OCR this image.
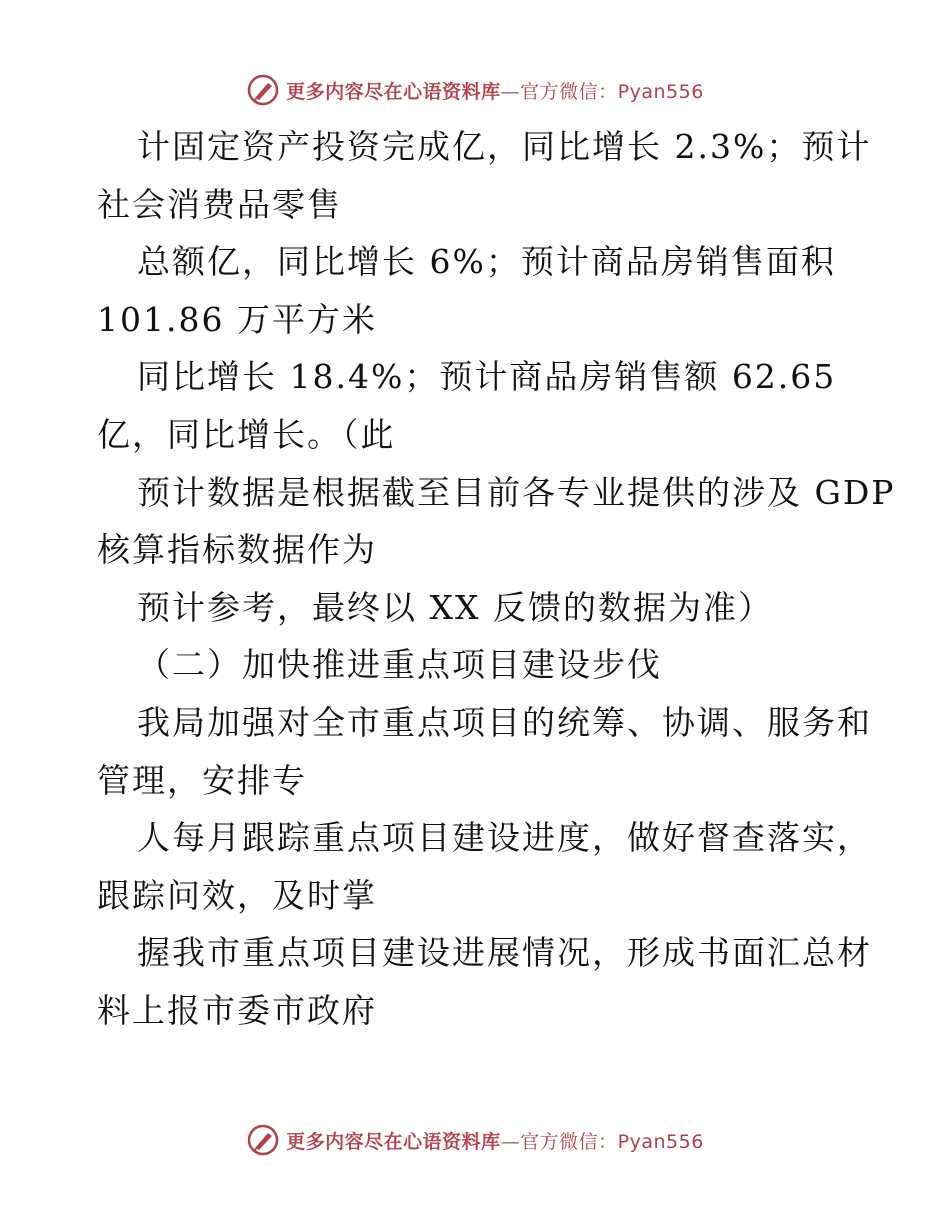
更多内容尽在心语资料库—官方微信：Pyan556
计固定资产投资完成亿，同比增长 2.3%；预计
社会消费品零售
总额亿，同比增长 6%；预计商品房销售面积
101.86 万平方米
同比增长 18.4%；预计商品房销售额 62.65
亿，同比增长。（此
预计数据是根据截至目前各专业提供的涉及 GDP
核算指标数据作为
预计参考，最终以 XX 反馈的数据为准）
（二）加快推进重点项目建设步伐
我局加强对全市重点项目的统筹、协调、服务和
管理，安排专
人每月跟踪重点项目建设进度，做好督查落实，
跟踪问效，及时掌
握我市重点项目建设进展情况，形成书面汇总材
料上报市委市政府
更多内容尽在心语资料库—官方微信：Pyan556
